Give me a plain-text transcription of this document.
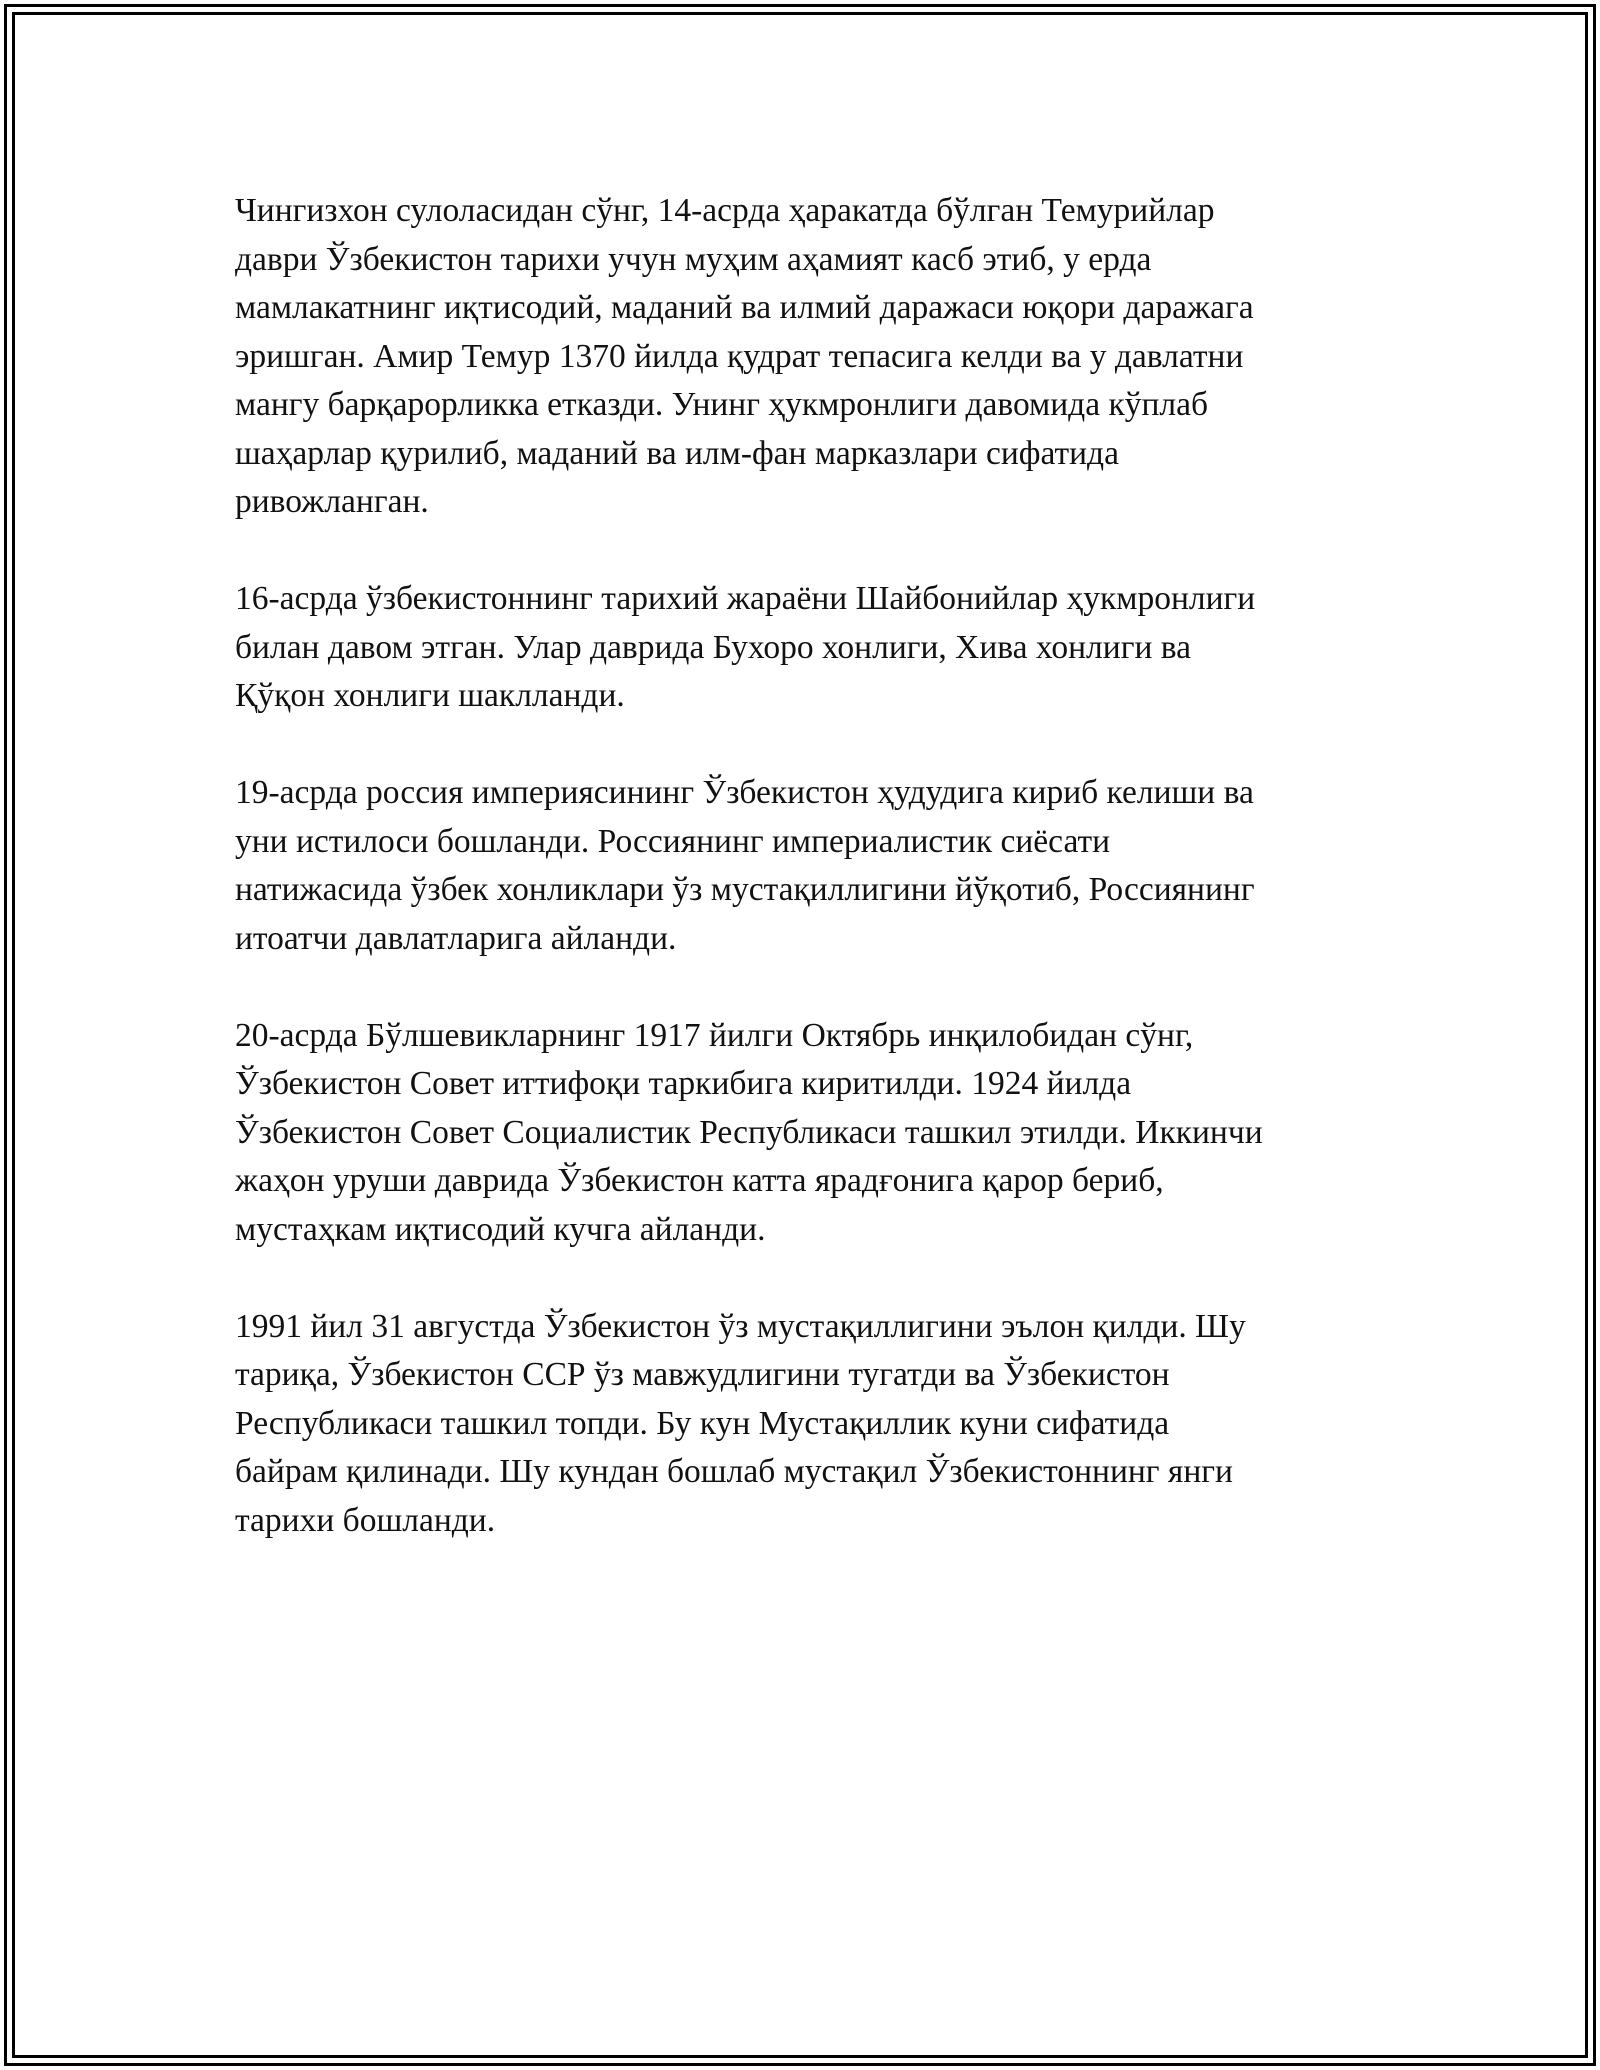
Чингизхон сулоласидан сўнг, 14-асрда ҳаракатда бўлган Темурийлар
даври Ўзбекистон тарихи учун муҳим аҳамият касб этиб, у ерда
мамлакатнинг иқтисодий, маданий ва илмий даражаси юқори даражага
эришган. Амир Темур 1370 йилда қудрат тепасига келди ва у давлатни
мангу барқарорликка етказди. Унинг ҳукмронлиги давомида кўплаб
шаҳарлар қурилиб, маданий ва илм-фан марказлари сифатида
ривожланган.

16-асрда ўзбекистоннинг тарихий жараёни Шайбонийлар ҳукмронлиги
билан давом этган. Улар даврида Бухоро хонлиги, Хива хонлиги ва
Қўқон хонлиги шаклланди.

19-асрда россия империясининг Ўзбекистон ҳудудига кириб келиши ва
уни истилоси бошланди. Россиянинг империалистик сиёсати
натижасида ўзбек хонликлари ўз мустақиллигини йўқотиб, Россиянинг
итоатчи давлатларига айланди.

20-асрда Бўлшевикларнинг 1917 йилги Октябрь инқилобидан сўнг,
Ўзбекистон Совет иттифоқи таркибига киритилди. 1924 йилда
Ўзбекистон Совет Социалистик Республикаси ташкил этилди. Иккинчи
жаҳон уруши даврида Ўзбекистон катта ярадғонига қарор бериб,
мустаҳкам иқтисодий кучга айланди.

1991 йил 31 августда Ўзбекистон ўз мустақиллигини эълон қилди. Шу
тариқа, Ўзбекистон ССР ўз мавжудлигини тугатди ва Ўзбекистон
Республикаси ташкил топди. Бу кун Мустақиллик куни сифатида
байрам қилинади. Шу кундан бошлаб мустақил Ўзбекистоннинг янги
тарихи бошланди.
